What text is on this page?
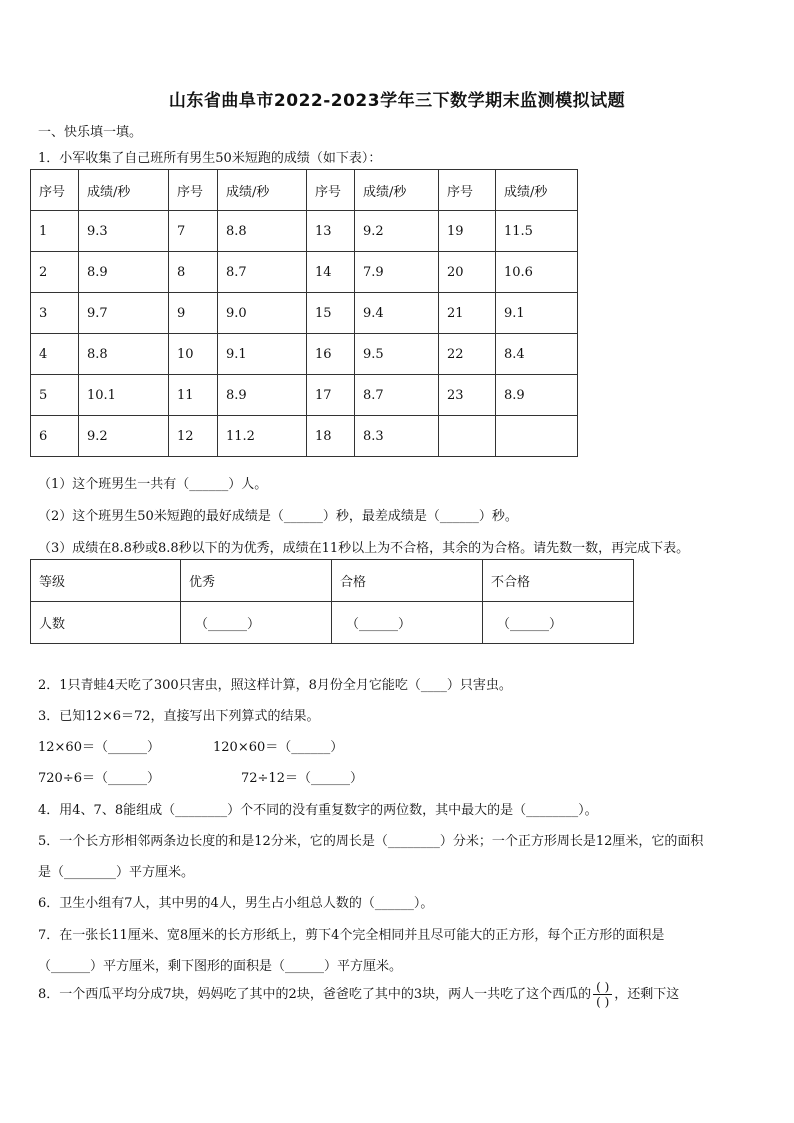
山东省曲阜市2022-2023学年三下数学期末监测模拟试题
一、快乐填一填。
1．小军收集了自己班所有男生50米短跑的成绩（如下表）：
序号	成绩/秒	序号	成绩/秒	序号	成绩/秒	序号	成绩/秒
1	9.3	7	8.8	13	9.2	19	11.5
2	8.9	8	8.7	14	7.9	20	10.6
3	9.7	9	9.0	15	9.4	21	9.1
4	8.8	10	9.1	16	9.5	22	8.4
5	10.1	11	8.9	17	8.7	23	8.9
6	9.2	12	11.2	18	8.3		
（1）这个班男生一共有（______）人。
（2）这个班男生50米短跑的最好成绩是（______）秒，最差成绩是（______）秒。
（3）成绩在8.8秒或8.8秒以下的为优秀，成绩在11秒以上为不合格，其余的为合格。请先数一数，再完成下表。
等级	优秀	合格	不合格
人数	（______）	（______）	（______）
2．1只青蛙4天吃了300只害虫，照这样计算，8月份全月它能吃（____）只害虫。
3．已知12×6＝72，直接写出下列算式的结果。
12×60＝（______）	120×60＝（______）
720÷6＝（______）	72÷12＝（______）
4．用4、7、8能组成（________）个不同的没有重复数字的两位数，其中最大的是（________）。
5．一个长方形相邻两条边长度的和是12分米，它的周长是（________）分米；一个正方形周长是12厘米，它的面积
是（________）平方厘米。
6．卫生小组有7人，其中男的4人，男生占小组总人数的（______）。
7．在一张长11厘米、宽8厘米的长方形纸上，剪下4个完全相同并且尽可能大的正方形，每个正方形的面积是
（______）平方厘米，剩下图形的面积是（______）平方厘米。
8．一个西瓜平均分成7块，妈妈吃了其中的2块，爸爸吃了其中的3块，两人一共吃了这个西瓜的 $\frac{( )}{( )}$ ，还剩下这
